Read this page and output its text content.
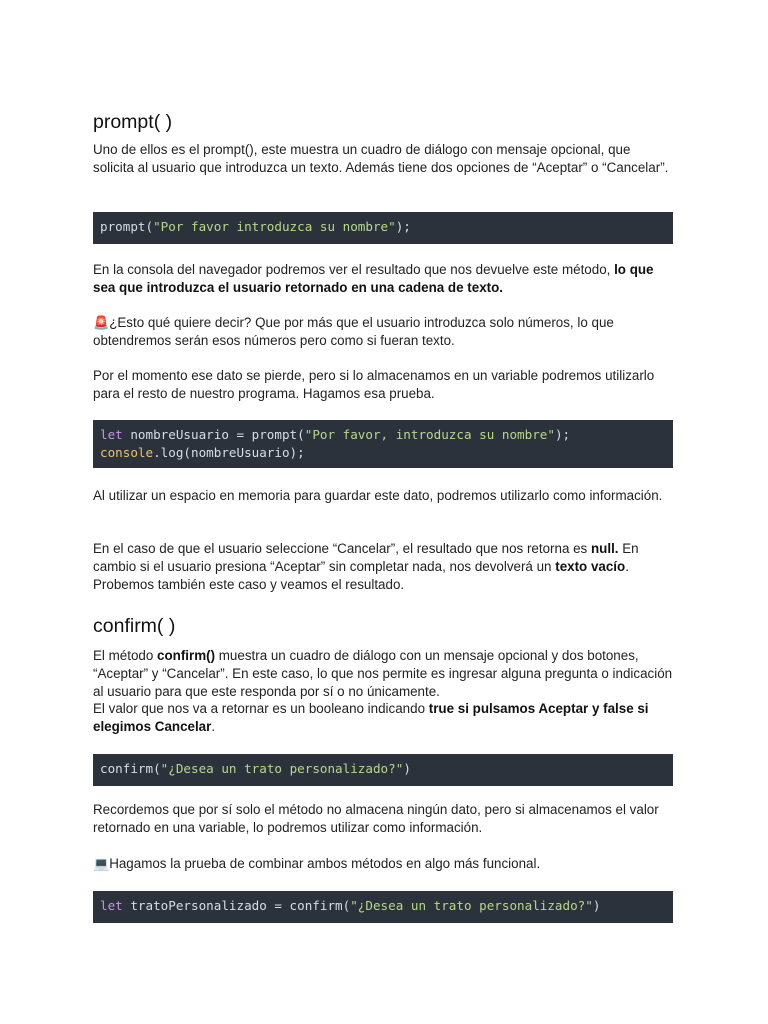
prompt( )

Uno de ellos es el prompt(), este muestra un cuadro de diálogo con mensaje opcional, que solicita al usuario que introduzca un texto. Además tiene dos opciones de “Aceptar” o “Cancelar”.

prompt("Por favor introduzca su nombre");

En la consola del navegador podremos ver el resultado que nos devuelve este método, lo que sea que introduzca el usuario retornado en una cadena de texto.

🚨¿Esto qué quiere decir? Que por más que el usuario introduzca solo números, lo que obtendremos serán esos números pero como si fueran texto.

Por el momento ese dato se pierde, pero si lo almacenamos en un variable podremos utilizarlo para el resto de nuestro programa. Hagamos esa prueba.

let nombreUsuario = prompt("Por favor, introduzca su nombre");
console.log(nombreUsuario);

Al utilizar un espacio en memoria para guardar este dato, podremos utilizarlo como información.

En el caso de que el usuario seleccione “Cancelar”, el resultado que nos retorna es null. En cambio si el usuario presiona “Aceptar” sin completar nada, nos devolverá un texto vacío. Probemos también este caso y veamos el resultado.

confirm( )

El método confirm() muestra un cuadro de diálogo con un mensaje opcional y dos botones, “Aceptar” y “Cancelar”. En este caso, lo que nos permite es ingresar alguna pregunta o indicación al usuario para que este responda por sí o no únicamente.
El valor que nos va a retornar es un booleano indicando true si pulsamos Aceptar y false si elegimos Cancelar.

confirm("¿Desea un trato personalizado?")

Recordemos que por sí solo el método no almacena ningún dato, pero si almacenamos el valor retornado en una variable, lo podremos utilizar como información.

💻Hagamos la prueba de combinar ambos métodos en algo más funcional.

let tratoPersonalizado = confirm("¿Desea un trato personalizado?")
